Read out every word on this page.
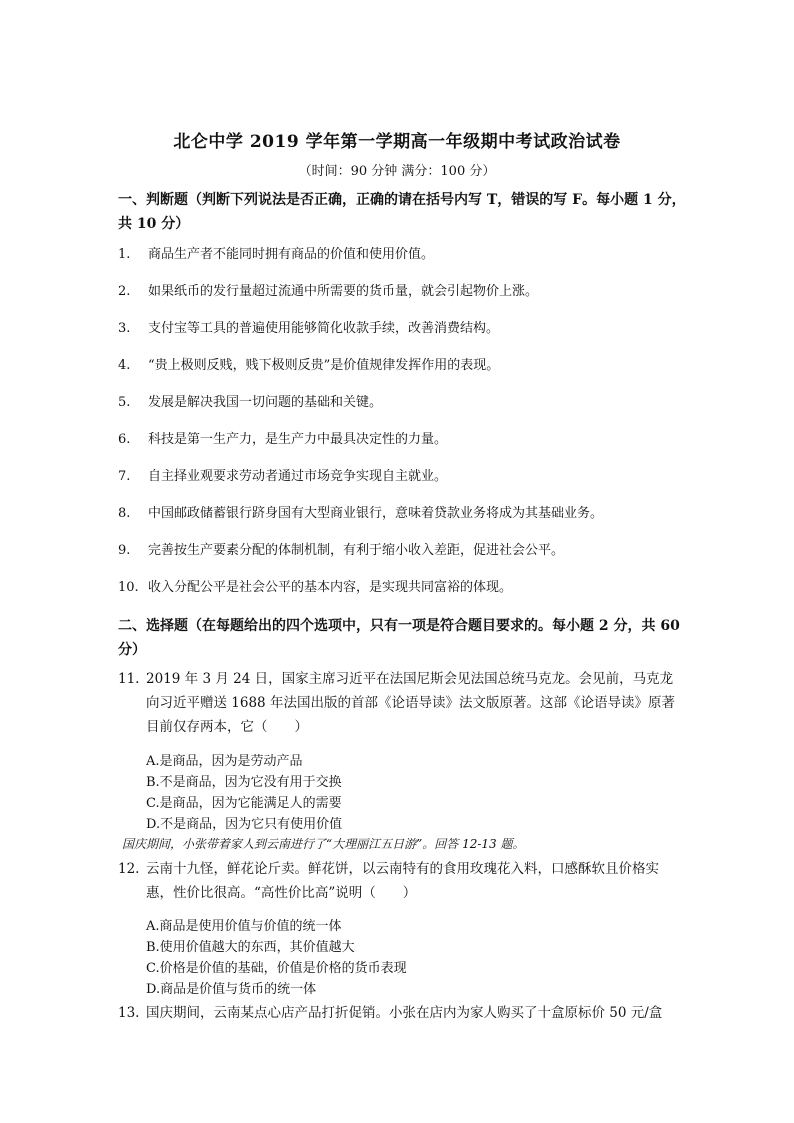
北仑中学 2019 学年第一学期高一年级期中考试政治试卷
（时间：90 分钟 满分：100 分）
一、判断题（判断下列说法是否正确，正确的请在括号内写 T，错误的写 F。每小题 1 分，共 10 分）
1. 商品生产者不能同时拥有商品的价值和使用价值。
2. 如果纸币的发行量超过流通中所需要的货币量，就会引起物价上涨。
3. 支付宝等工具的普遍使用能够简化收款手续，改善消费结构。
4. “贵上极则反贱，贱下极则反贵”是价值规律发挥作用的表现。
5. 发展是解决我国一切问题的基础和关键。
6. 科技是第一生产力，是生产力中最具决定性的力量。
7. 自主择业观要求劳动者通过市场竞争实现自主就业。
8. 中国邮政储蓄银行跻身国有大型商业银行，意味着贷款业务将成为其基础业务。
9. 完善按生产要素分配的体制机制，有利于缩小收入差距，促进社会公平。
10. 收入分配公平是社会公平的基本内容，是实现共同富裕的体现。
二、选择题（在每题给出的四个选项中，只有一项是符合题目要求的。每小题 2 分，共 60 分）
11. 2019 年 3 月 24 日，国家主席习近平在法国尼斯会见法国总统马克龙。会见前，马克龙向习近平赠送 1688 年法国出版的首部《论语导读》法文版原著。这部《论语导读》原著目前仅存两本，它（　　）
A.是商品，因为是劳动产品
B.不是商品，因为它没有用于交换
C.是商品，因为它能满足人的需要
D.不是商品，因为它只有使用价值
国庆期间，小张带着家人到云南进行了“大理丽江五日游”。回答 12-13 题。
12. 云南十九怪，鲜花论斤卖。鲜花饼，以云南特有的食用玫瑰花入料，口感酥软且价格实惠，性价比很高。“高性价比高”说明（　　）
A.商品是使用价值与价值的统一体
B.使用价值越大的东西，其价值越大
C.价格是价值的基础，价值是价格的货币表现
D.商品是价值与货币的统一体
13. 国庆期间，云南某点心店产品打折促销。小张在店内为家人购买了十盒原标价 50 元/盒
